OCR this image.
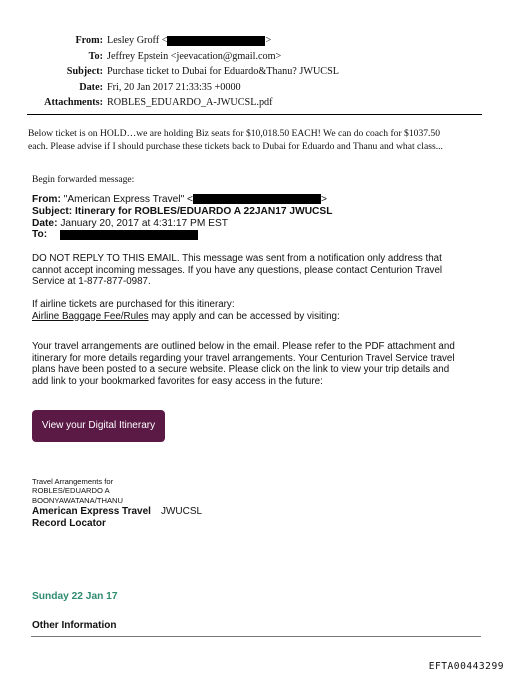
From: Lesley Groff <	>
To: Jeffrey Epstein <jeevacation@gmail.com>
Subject: Purchase ticket to Dubai for Eduardo&Thanu? JWUCSL
Date: Fri, 20 Jan 2017 21:33:35 +0000
Attachments: ROBLES_EDUARDO_A-JWUCSL.pdf
Below ticket is on HOLD…we are holding Biz seats for $10,018.50 EACH! We can do coach for $1037.50
each. Please advise if I should purchase these tickets back to Dubai for Eduardo and Thanu and what class...
Begin forwarded message:
From: "American Express Travel" <	>
Subject: Itinerary for ROBLES/EDUARDO A 22JAN17 JWUCSL
Date: January 20, 2017 at 4:31:17 PM EST
To:
DO NOT REPLY TO THIS EMAIL. This message was sent from a notification only address that
cannot accept incoming messages. If you have any questions, please contact Centurion Travel
Service at 1-877-877-0987.
If airline tickets are purchased for this itinerary:
Airline Baggage Fee/Rules may apply and can be accessed by visiting:
Your travel arrangements are outlined below in the email. Please refer to the PDF attachment and
itinerary for more details regarding your travel arrangements. Your Centurion Travel Service travel
plans have been posted to a secure website. Please click on the link to view your trip details and
add link to your bookmarked favorites for easy access in the future:
View your Digital Itinerary
Travel Arrangements for
ROBLES/EDUARDO A
BOONYAWATANA/THANU
American Express Travel JWUCSL
Record Locator
Sunday 22 Jan 17
Other Information
EFTA00443299
